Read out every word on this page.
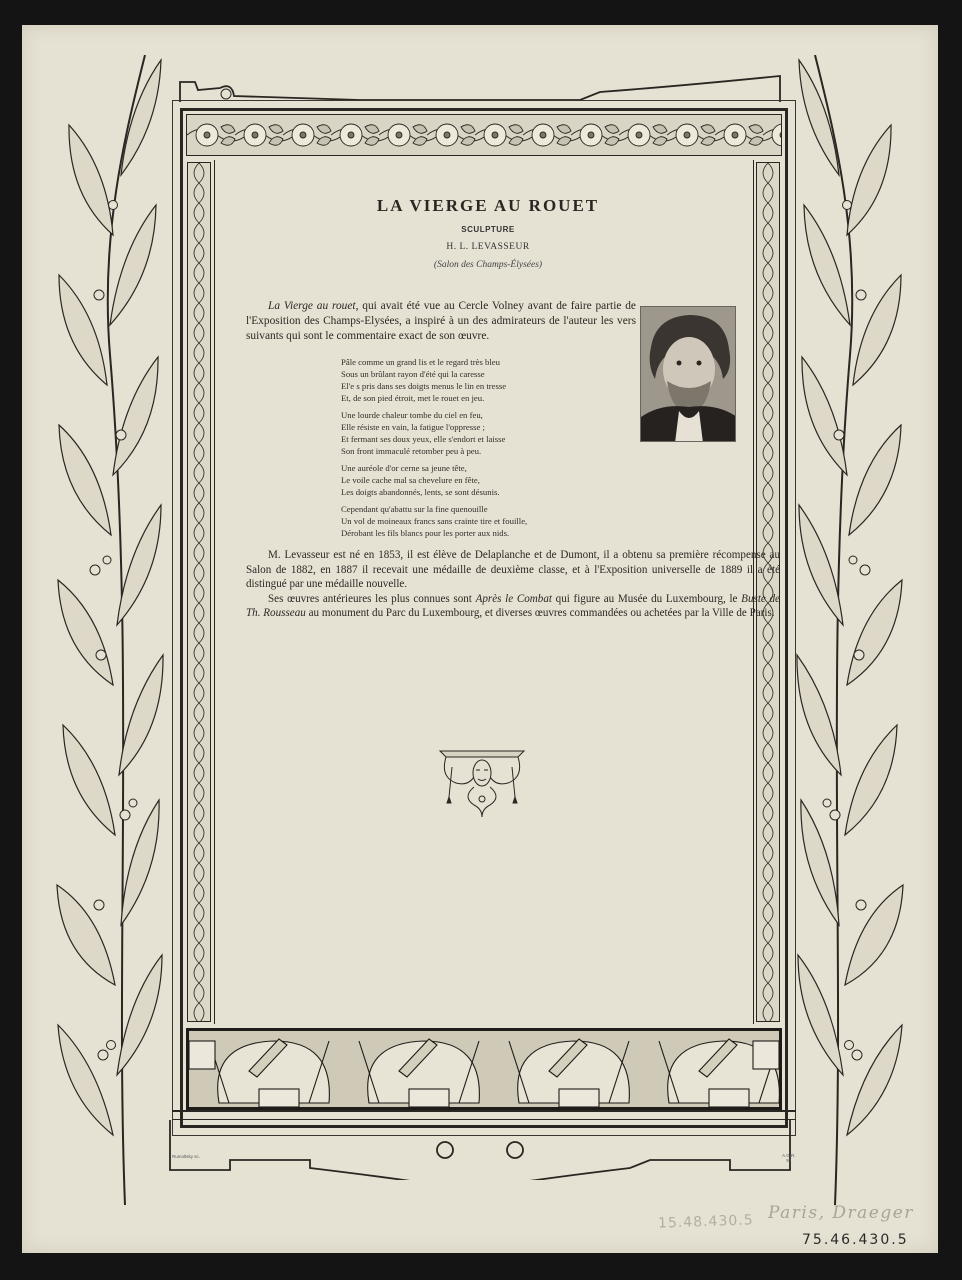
Rumoltsky sc.	A.GIR.
93
LA VIERGE AU ROUET
SCULPTURE
H. L. LEVASSEUR
(Salon des Champs-Élysées)
La Vierge au rouet, qui avait été vue au Cercle Volney avant de faire partie de l'Exposition des Champs-Elysées, a inspiré à un des admirateurs de l'auteur les vers suivants qui sont le commentaire exact de son œuvre.
Pâle comme un grand lis et le regard très bleu
Sous un brûlant rayon d'été qui la caresse
El'e s pris dans ses doigts menus le lin en tresse
Et, de son pied étroit, met le rouet en jeu.
Une lourde chaleur tombe du ciel en feu,
Elle résiste en vain, la fatigue l'oppresse ;
Et fermant ses doux yeux, elle s'endort et laisse
Son front immaculé retomber peu à peu.
Une auréole d'or cerne sa jeune tête,
Le voile cache mal sa chevelure en fête,
Les doigts abandonnés, lents, se sont désunis.
Cependant qu'abattu sur la fine quenouille
Un vol de moineaux francs sans crainte tire et fouille,
Dérobant les fils blancs pour les porter aux nids.

M. Levasseur est né en 1853, il est élève de Delaplanche et de Dumont, il a obtenu sa première récompense au Salon de 1882, en 1887 il recevait une médaille de deuxième classe, et à l'Exposition universelle de 1889 il a été distingué par une médaille nouvelle.

Ses œuvres antérieures les plus connues sont Après le Combat qui figure au Musée du Luxembourg, le Buste de Th. Rousseau au monument du Parc du Luxembourg, et diverses œuvres commandées ou achetées par la Ville de Paris.

15.48.430.5 Paris, Draeger
75.46.430.5
